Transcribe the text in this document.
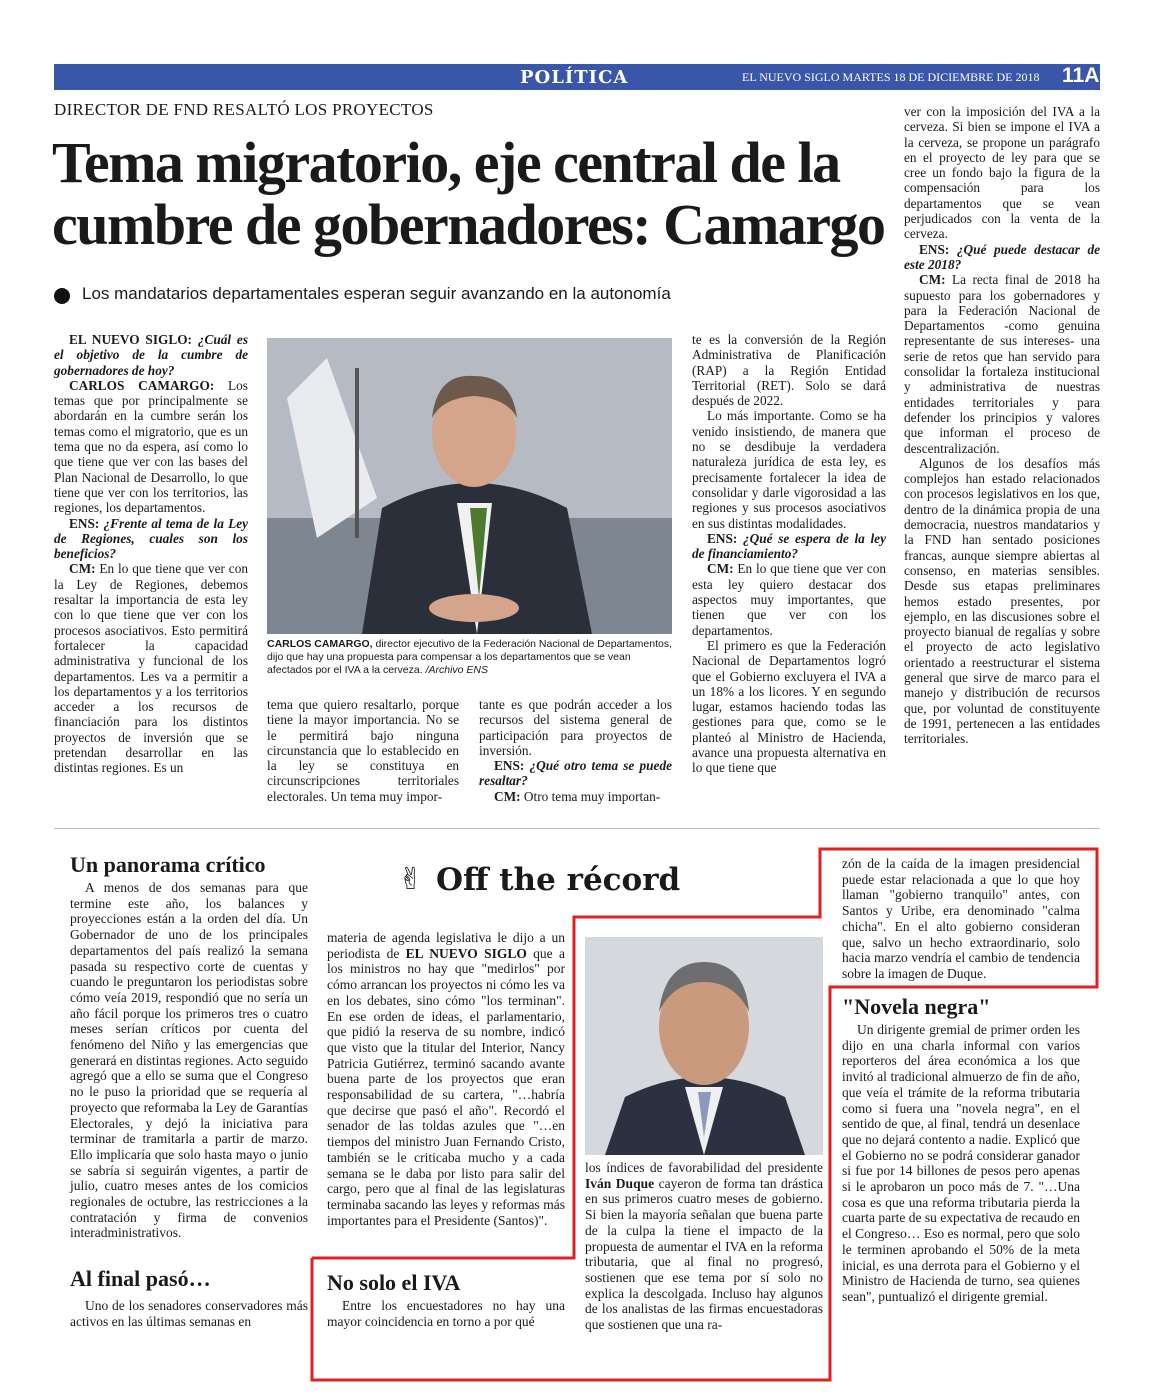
POLÍTICA	EL NUEVO SIGLO MARTES 18 DE DICIEMBRE DE 2018 11A
DIRECTOR DE FND RESALTÓ LOS PROYECTOS
Tema migratorio, eje central de la cumbre de gobernadores: Camargo
Los mandatarios departamentales esperan seguir avanzando en la autonomía

EL NUEVO SIGLO: ¿Cuál es el objetivo de la cumbre de gobernadores de hoy?

CARLOS CAMARGO: Los temas que por principalmente se abordarán en la cumbre serán los temas como el migratorio, que es un tema que no da espera, así como lo que tiene que ver con las bases del Plan Nacional de Desarrollo, lo que tiene que ver con los territorios, las regiones, los departamentos.

ENS: ¿Frente al tema de la Ley de Regiones, cuales son los beneficios?

CM: En lo que tiene que ver con la Ley de Regiones, debemos resaltar la importancia de esta ley con lo que tiene que ver con los procesos asociativos. Esto permitirá fortalecer la capacidad administrativa y funcional de los departamentos. Les va a permitir a los departamentos y a los territorios acceder a los recursos de financiación para los distintos proyectos de inversión que se pretendan desarrollar en las distintas regiones. Es un

CARLOS CAMARGO, director ejecutivo de la Federación Nacional de Departamentos, dijo que hay una propuesta para compensar a los departamentos que se vean afectados por el IVA a la cerveza. /Archivo ENS

tema que quiero resaltarlo, porque tiene la mayor importancia. No se le permitirá bajo ninguna circunstancia que lo establecido en la ley se constituya en circunscripciones territoriales electorales. Un tema muy impor-

tante es que podrán acceder a los recursos del sistema general de participación para proyectos de inversión.

ENS: ¿Qué otro tema se puede resaltar?

CM: Otro tema muy importan-

te es la conversión de la Región Administrativa de Planificación (RAP) a la Región Entidad Territorial (RET). Solo se dará después de 2022.

Lo más importante. Como se ha venido insistiendo, de manera que no se desdibuje la verdadera naturaleza jurídica de esta ley, es precisamente fortalecer la idea de consolidar y darle vigorosidad a las regiones y sus procesos asociativos en sus distintas modalidades.

ENS: ¿Qué se espera de la ley de financiamiento?

CM: En lo que tiene que ver con esta ley quiero destacar dos aspectos muy importantes, que tienen que ver con los departamentos.

El primero es que la Federación Nacional de Departamentos logró que el Gobierno excluyera el IVA a un 18% a los licores. Y en segundo lugar, estamos haciendo todas las gestiones para que, como se le planteó al Ministro de Hacienda, avance una propuesta alternativa en lo que tiene que

ver con la imposición del IVA a la cerveza. Si bien se impone el IVA a la cerveza, se propone un parágrafo en el proyecto de ley para que se cree un fondo bajo la figura de la compensación para los departamentos que se vean perjudicados con la venta de la cerveza.

ENS: ¿Qué puede destacar de este 2018?

CM: La recta final de 2018 ha supuesto para los gobernadores y para la Federación Nacional de Departamentos -como genuina representante de sus intereses- una serie de retos que han servido para consolidar la fortaleza institucional y administrativa de nuestras entidades territoriales y para defender los principios y valores que informan el proceso de descentralización.

Algunos de los desafíos más complejos han estado relacionados con procesos legislativos en los que, dentro de la dinámica propia de una democracia, nuestros mandatarios y la FND han sentado posiciones francas, aunque siempre abiertas al consenso, en materias sensibles. Desde sus etapas preliminares hemos estado presentes, por ejemplo, en las discusiones sobre el proyecto bianual de regalías y sobre el proyecto de acto legislativo orientado a reestructurar el sistema general que sirve de marco para el manejo y distribución de recursos que, por voluntad de constituyente de 1991, pertenecen a las entidades territoriales.

Un panorama crítico

A menos de dos semanas para que termine este año, los balances y proyecciones están a la orden del día. Un Gobernador de uno de los principales departamentos del país realizó la semana pasada su respectivo corte de cuentas y cuando le preguntaron los periodistas sobre cómo veía 2019, respondió que no sería un año fácil porque los primeros tres o cuatro meses serían críticos por cuenta del fenómeno del Niño y las emergencias que generará en distintas regiones. Acto seguido agregó que a ello se suma que el Congreso no le puso la prioridad que se requería al proyecto que reformaba la Ley de Garantías Electorales, y dejó la iniciativa para terminar de tramitarla a partir de marzo. Ello implicaría que solo hasta mayo o junio se sabría si seguirán vigentes, a partir de julio, cuatro meses antes de los comicios regionales de octubre, las restricciones a la contratación y firma de convenios interadministrativos.

✌ Off the récord
Al final pasó…

Uno de los senadores conservadores más activos en las últimas semanas en

materia de agenda legislativa le dijo a un periodista de EL NUEVO SIGLO que a los ministros no hay que "medirlos" por cómo arrancan los proyectos ni cómo les va en los debates, sino cómo "los terminan". En ese orden de ideas, el parlamentario, que pidió la reserva de su nombre, indicó que visto que la titular del Interior, Nancy Patricia Gutiérrez, terminó sacando avante buena parte de los proyectos que eran responsabilidad de su cartera, "…habría que decirse que pasó el año". Recordó el senador de las toldas azules que "…en tiempos del ministro Juan Fernando Cristo, también se le criticaba mucho y a cada semana se le daba por listo para salir del cargo, pero que al final de las legislaturas terminaba sacando las leyes y reformas más importantes para el Presidente (Santos)".

los índices de favorabilidad del presidente Iván Duque cayeron de forma tan drástica en sus primeros cuatro meses de gobierno. Si bien la mayoría señalan que buena parte de la culpa la tiene el impacto de la propuesta de aumentar el IVA en la reforma tributaria, que al final no progresó, sostienen que ese tema por sí solo no explica la descolgada. Incluso hay algunos de los analistas de las firmas encuestadoras que sostienen que una ra-

No solo el IVA

Entre los encuestadores no hay una mayor coincidencia en torno a por qué

zón de la caída de la imagen presidencial puede estar relacionada a que lo que hoy llaman "gobierno tranquilo" antes, con Santos y Uribe, era denominado "calma chicha". En el alto gobierno consideran que, salvo un hecho extraordinario, solo hacia marzo vendría el cambio de tendencia sobre la imagen de Duque.

"Novela negra"

Un dirigente gremial de primer orden les dijo en una charla informal con varios reporteros del área económica a los que invitó al tradicional almuerzo de fin de año, que veía el trámite de la reforma tributaria como si fuera una "novela negra", en el sentido de que, al final, tendrá un desenlace que no dejará contento a nadie. Explicó que el Gobierno no se podrá considerar ganador si fue por 14 billones de pesos pero apenas si le aprobaron un poco más de 7. "…Una cosa es que una reforma tributaria pierda la cuarta parte de su expectativa de recaudo en el Congreso… Eso es normal, pero que solo le terminen aprobando el 50% de la meta inicial, es una derrota para el Gobierno y el Ministro de Hacienda de turno, sea quienes sean", puntualizó el dirigente gremial.
